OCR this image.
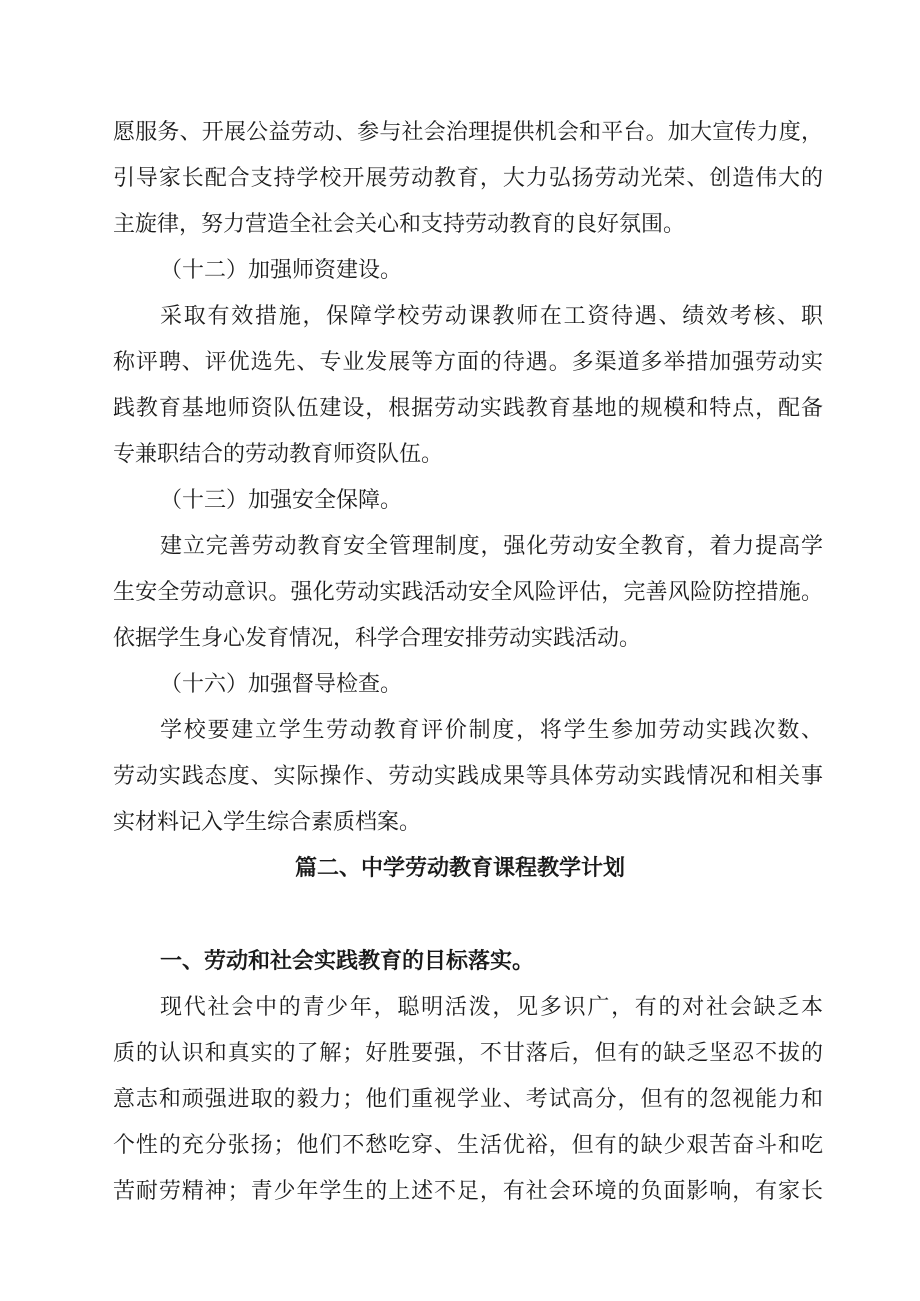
愿服务、开展公益劳动、参与社会治理提供机会和平台。加大宣传力度，
引导家长配合支持学校开展劳动教育，大力弘扬劳动光荣、创造伟大的
主旋律，努力营造全社会关心和支持劳动教育的良好氛围。
（十二）加强师资建设。
采取有效措施，保障学校劳动课教师在工资待遇、绩效考核、职
称评聘、评优选先、专业发展等方面的待遇。多渠道多举措加强劳动实
践教育基地师资队伍建设，根据劳动实践教育基地的规模和特点，配备
专兼职结合的劳动教育师资队伍。
（十三）加强安全保障。
建立完善劳动教育安全管理制度，强化劳动安全教育，着力提高学
生安全劳动意识。强化劳动实践活动安全风险评估，完善风险防控措施。
依据学生身心发育情况，科学合理安排劳动实践活动。
（十六）加强督导检查。
学校要建立学生劳动教育评价制度，将学生参加劳动实践次数、
劳动实践态度、实际操作、劳动实践成果等具体劳动实践情况和相关事
实材料记入学生综合素质档案。
篇二、中学劳动教育课程教学计划
一、劳动和社会实践教育的目标落实。
现代社会中的青少年，聪明活泼，见多识广，有的对社会缺乏本
质的认识和真实的了解；好胜要强，不甘落后，但有的缺乏坚忍不拔的
意志和顽强进取的毅力；他们重视学业、考试高分，但有的忽视能力和
个性的充分张扬；他们不愁吃穿、生活优裕，但有的缺少艰苦奋斗和吃
苦耐劳精神；青少年学生的上述不足，有社会环境的负面影响，有家长
